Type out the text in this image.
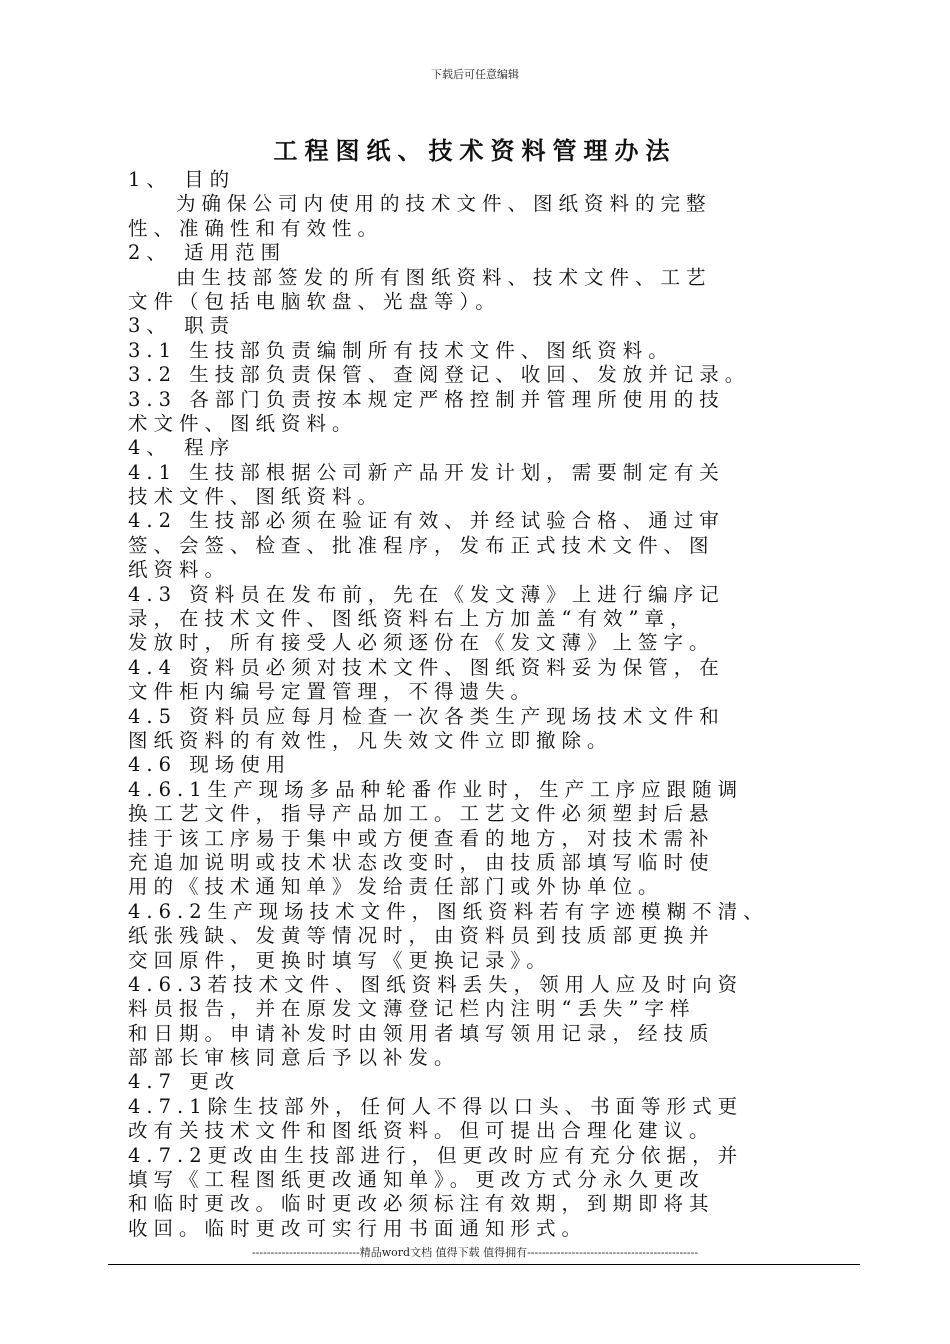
下载后可任意编辑
工程图纸、技术资料管理办法
1、 目的
为确保公司内使用的技术文件、图纸资料的完整
性、准确性和有效性。
2、 适用范围
由生技部签发的所有图纸资料、技术文件、工艺
文件（包括电脑软盘、光盘等）。
3、 职责
3.1 生技部负责编制所有技术文件、图纸资料。
3.2 生技部负责保管、查阅登记、收回、发放并记录。
3.3 各部门负责按本规定严格控制并管理所使用的技
术文件、图纸资料。
4、 程序
4.1 生技部根据公司新产品开发计划，需要制定有关
技术文件、图纸资料。
4.2 生技部必须在验证有效、并经试验合格、通过审
签、会签、检查、批准程序，发布正式技术文件、图
纸资料。
4.3 资料员在发布前，先在《发文薄》上进行编序记
录，在技术文件、图纸资料右上方加盖“有效”章，
发放时，所有接受人必须逐份在《发文薄》上签字。
4.4 资料员必须对技术文件、图纸资料妥为保管，在
文件柜内编号定置管理，不得遗失。
4.5 资料员应每月检查一次各类生产现场技术文件和
图纸资料的有效性，凡失效文件立即撤除。
4.6 现场使用
4.6.1生产现场多品种轮番作业时，生产工序应跟随调
换工艺文件，指导产品加工。工艺文件必须塑封后悬
挂于该工序易于集中或方便查看的地方，对技术需补
充追加说明或技术状态改变时，由技质部填写临时使
用的《技术通知单》发给责任部门或外协单位。
4.6.2生产现场技术文件，图纸资料若有字迹模糊不清、
纸张残缺、发黄等情况时，由资料员到技质部更换并
交回原件，更换时填写《更换记录》。
4.6.3若技术文件、图纸资料丢失，领用人应及时向资
料员报告，并在原发文薄登记栏内注明“丢失”字样
和日期。申请补发时由领用者填写领用记录，经技质
部部长审核同意后予以补发。
4.7 更改
4.7.1除生技部外，任何人不得以口头、书面等形式更
改有关技术文件和图纸资料。但可提出合理化建议。
4.7.2更改由生技部进行，但更改时应有充分依据，并
填写《工程图纸更改通知单》。更改方式分永久更改
和临时更改。临时更改必须标注有效期，到期即将其
收回。临时更改可实行用书面通知形式。
-----------------------------精品word文档 值得下载 值得拥有----------------------------------------------
